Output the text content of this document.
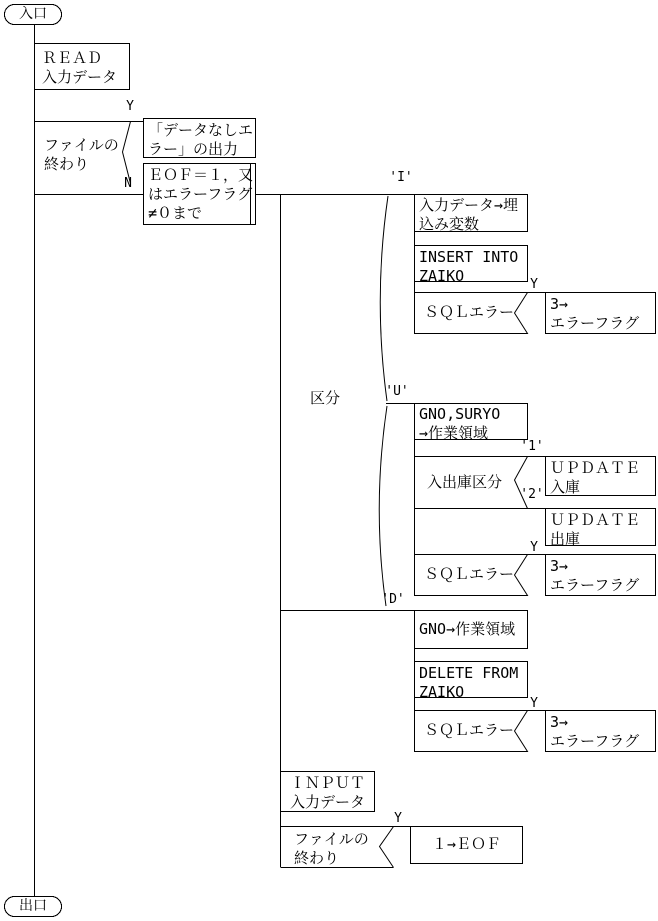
入口
出口
ＲＥＡＤ
入力データ
Y
ファイルの
終わり
N
「データなしエ
ラー」の出力
ＥＯＦ＝１，又
はエラーフラグ
≠０まで
区分
'I'
'U'
'D'
入力データ→埋
込み変数
INSERT INTO
ZAIKO	Y
ＳＱＬエラー 3→
エラーフラグ
GNO,SURYO
→作業領域
'1'
入出庫区分
'2'
ＵＰＤＡＴＥ
入庫
ＵＰＤＡＴＥ
出庫
Y
ＳＱＬエラー 3→
エラーフラグ
GNO→作業領域
DELETE FROM
ZAIKO
Y
ＳＱＬエラー 3→
エラーフラグ
ＩＮＰＵＴ
入力データ
Y
ファイルの
終わり
１→ＥＯＦ
